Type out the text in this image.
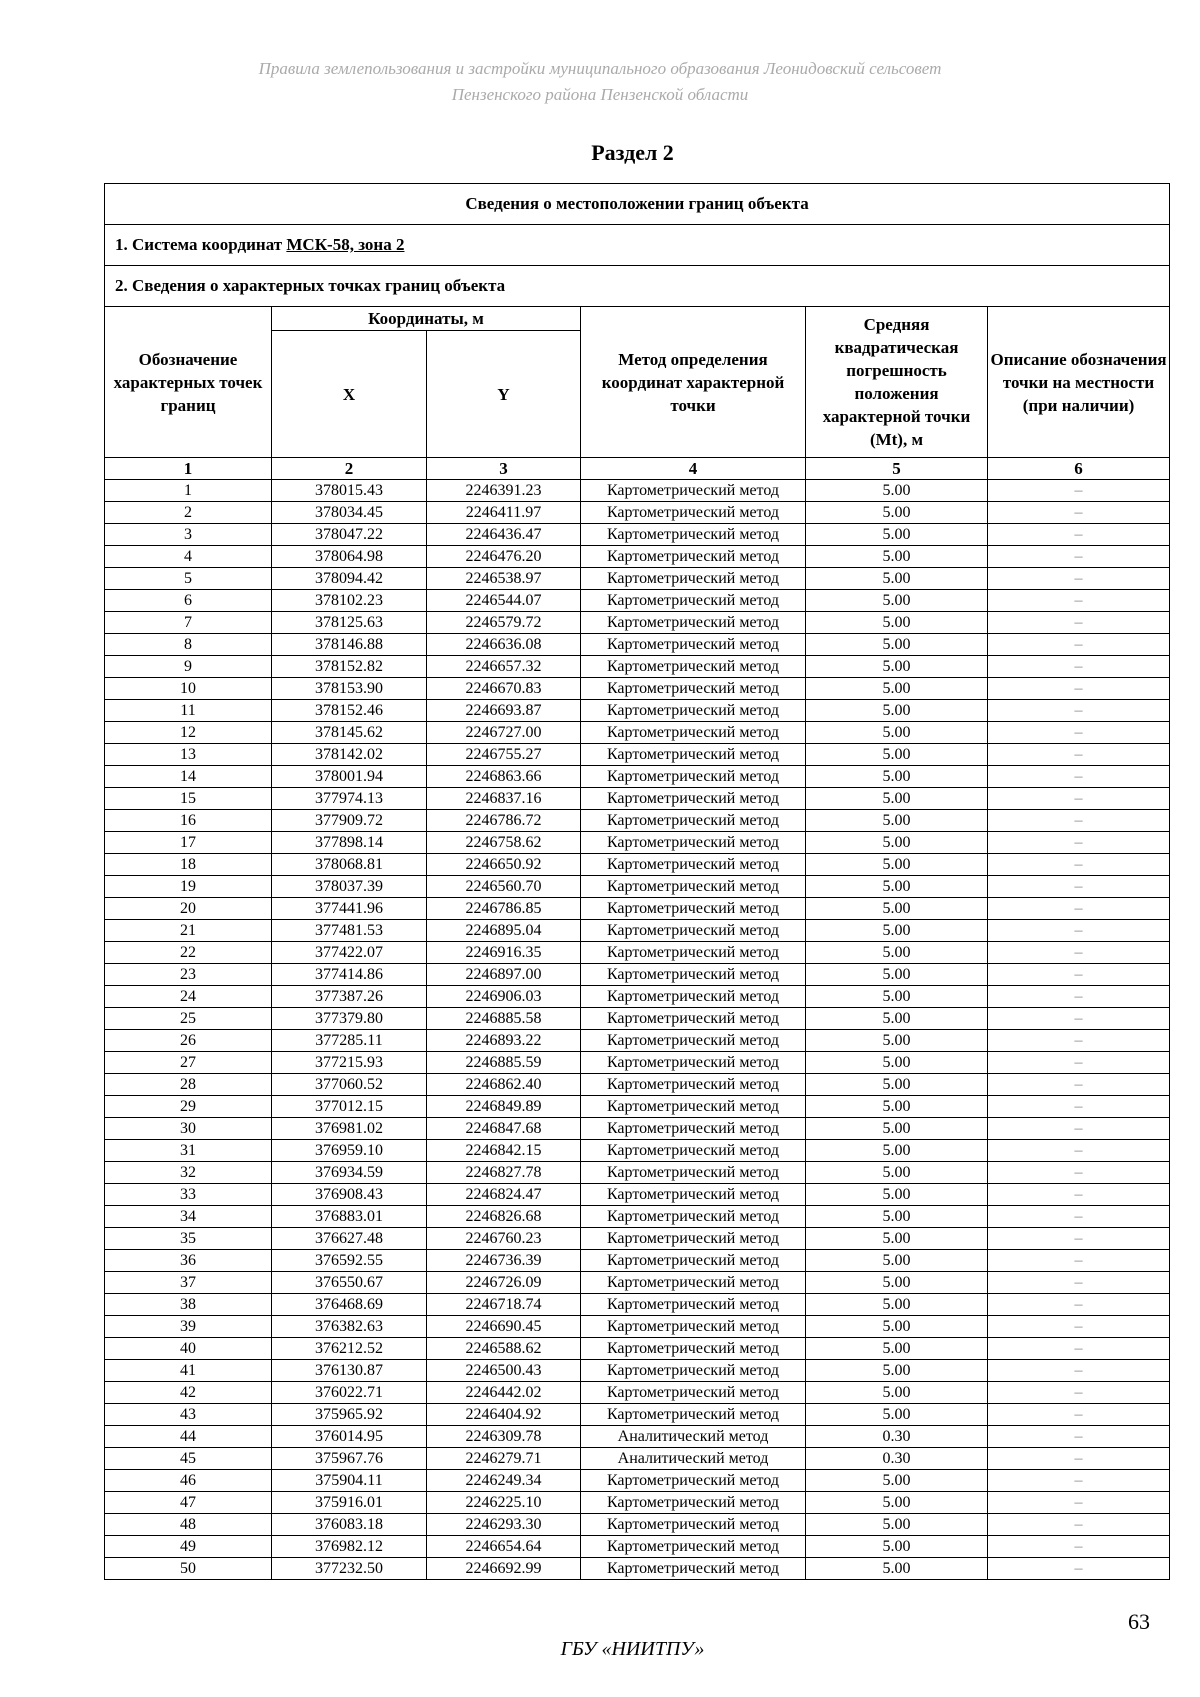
Правила землепользования и застройки муниципального образования Леонидовский сельсовет
Пензенского района Пензенской области
Раздел 2
Сведения о местоположении границ объекта					
1. Система координат МСК-58, зона 2					
2. Сведения о характерных точках границ объекта					
Обозначение характерных точек границ	Координаты, м		Метод определения координат характерной точки	Средняя квадратическая погрешность положения характерной точки (Mt), м	Описание обозначения точки на местности (при наличии)
	X	Y			
1	2	3	4	5	6
1	378015.43	2246391.23	Картометрический метод	5.00	–
2	378034.45	2246411.97	Картометрический метод	5.00	–
3	378047.22	2246436.47	Картометрический метод	5.00	–
4	378064.98	2246476.20	Картометрический метод	5.00	–
5	378094.42	2246538.97	Картометрический метод	5.00	–
6	378102.23	2246544.07	Картометрический метод	5.00	–
7	378125.63	2246579.72	Картометрический метод	5.00	–
8	378146.88	2246636.08	Картометрический метод	5.00	–
9	378152.82	2246657.32	Картометрический метод	5.00	–
10	378153.90	2246670.83	Картометрический метод	5.00	–
11	378152.46	2246693.87	Картометрический метод	5.00	–
12	378145.62	2246727.00	Картометрический метод	5.00	–
13	378142.02	2246755.27	Картометрический метод	5.00	–
14	378001.94	2246863.66	Картометрический метод	5.00	–
15	377974.13	2246837.16	Картометрический метод	5.00	–
16	377909.72	2246786.72	Картометрический метод	5.00	–
17	377898.14	2246758.62	Картометрический метод	5.00	–
18	378068.81	2246650.92	Картометрический метод	5.00	–
19	378037.39	2246560.70	Картометрический метод	5.00	–
20	377441.96	2246786.85	Картометрический метод	5.00	–
21	377481.53	2246895.04	Картометрический метод	5.00	–
22	377422.07	2246916.35	Картометрический метод	5.00	–
23	377414.86	2246897.00	Картометрический метод	5.00	–
24	377387.26	2246906.03	Картометрический метод	5.00	–
25	377379.80	2246885.58	Картометрический метод	5.00	–
26	377285.11	2246893.22	Картометрический метод	5.00	–
27	377215.93	2246885.59	Картометрический метод	5.00	–
28	377060.52	2246862.40	Картометрический метод	5.00	–
29	377012.15	2246849.89	Картометрический метод	5.00	–
30	376981.02	2246847.68	Картометрический метод	5.00	–
31	376959.10	2246842.15	Картометрический метод	5.00	–
32	376934.59	2246827.78	Картометрический метод	5.00	–
33	376908.43	2246824.47	Картометрический метод	5.00	–
34	376883.01	2246826.68	Картометрический метод	5.00	–
35	376627.48	2246760.23	Картометрический метод	5.00	–
36	376592.55	2246736.39	Картометрический метод	5.00	–
37	376550.67	2246726.09	Картометрический метод	5.00	–
38	376468.69	2246718.74	Картометрический метод	5.00	–
39	376382.63	2246690.45	Картометрический метод	5.00	–
40	376212.52	2246588.62	Картометрический метод	5.00	–
41	376130.87	2246500.43	Картометрический метод	5.00	–
42	376022.71	2246442.02	Картометрический метод	5.00	–
43	375965.92	2246404.92	Картометрический метод	5.00	–
44	376014.95	2246309.78	Аналитический метод	0.30	–
45	375967.76	2246279.71	Аналитический метод	0.30	–
46	375904.11	2246249.34	Картометрический метод	5.00	–
47	375916.01	2246225.10	Картометрический метод	5.00	–
48	376083.18	2246293.30	Картометрический метод	5.00	–
49	376982.12	2246654.64	Картометрический метод	5.00	–
50	377232.50	2246692.99	Картометрический метод	5.00	–
63
ГБУ «НИИТПУ»
